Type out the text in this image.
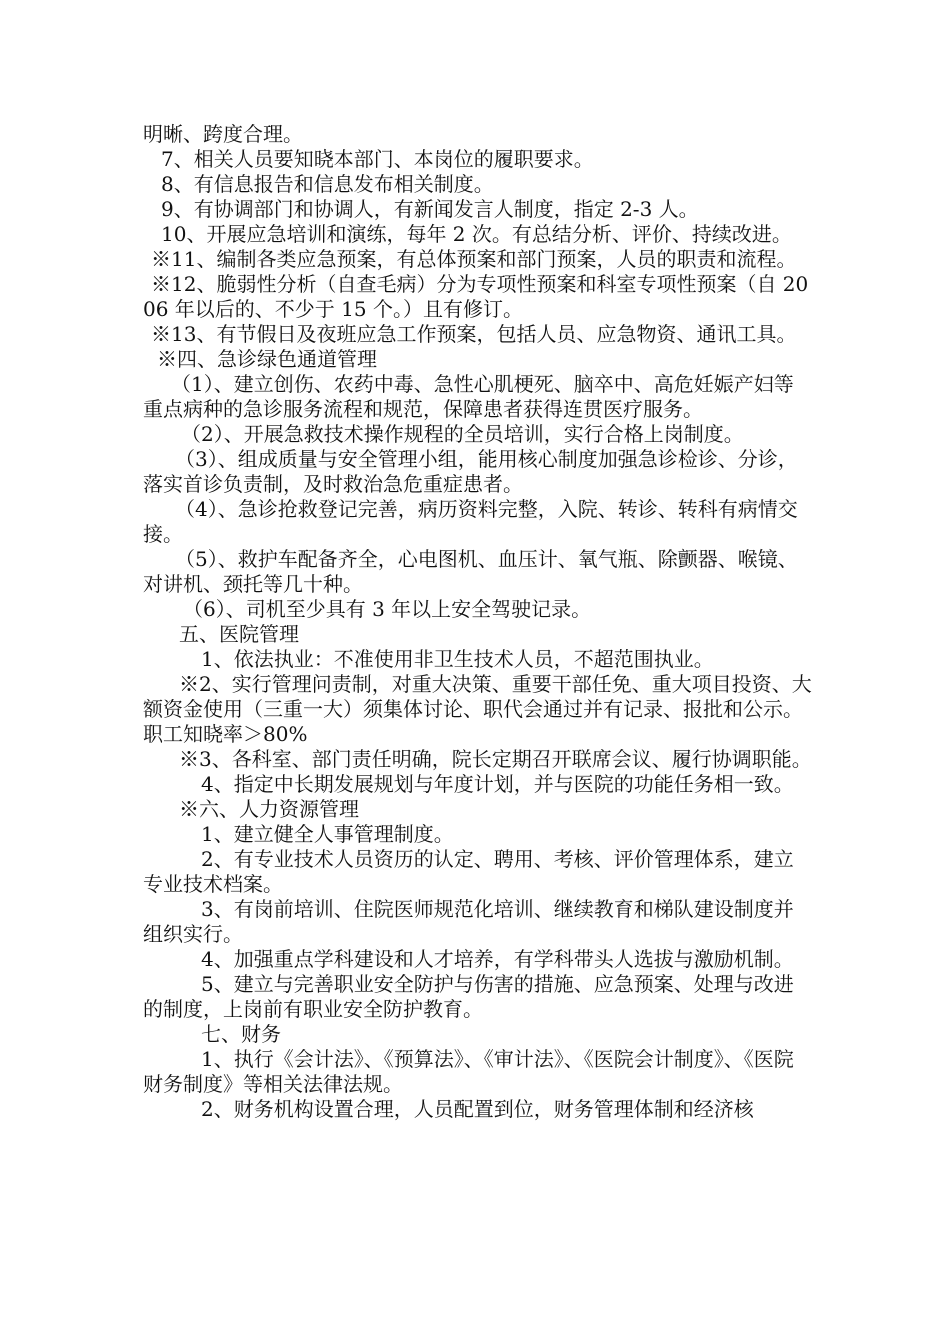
明晰、跨度合理。

7、相关人员要知晓本部门、本岗位的履职要求。

8、有信息报告和信息发布相关制度。

9、有协调部门和协调人，有新闻发言人制度，指定 2-3 人。

10、开展应急培训和演练，每年 2 次。有总结分析、评价、持续改进。

※11、编制各类应急预案，有总体预案和部门预案，人员的职责和流程。

※12、脆弱性分析（自查毛病）分为专项性预案和科室专项性预案（自 2006 年以后的、不少于 15 个。）且有修订。

※13、有节假日及夜班应急工作预案，包括人员、应急物资、通讯工具。

※四、急诊绿色通道管理

（1）、建立创伤、农药中毒、急性心肌梗死、脑卒中、高危妊娠产妇等重点病种的急诊服务流程和规范，保障患者获得连贯医疗服务。

（2）、开展急救技术操作规程的全员培训，实行合格上岗制度。

（3）、组成质量与安全管理小组，能用核心制度加强急诊检诊、分诊，落实首诊负责制，及时救治急危重症患者。

（4）、急诊抢救登记完善，病历资料完整，入院、转诊、转科有病情交接。

（5）、救护车配备齐全，心电图机、血压计、氧气瓶、除颤器、喉镜、对讲机、颈托等几十种。

（6）、司机至少具有 3 年以上安全驾驶记录。

五、医院管理

1、依法执业：不准使用非卫生技术人员，不超范围执业。

※2、实行管理问责制，对重大决策、重要干部任免、重大项目投资、大额资金使用（三重一大）须集体讨论、职代会通过并有记录、报批和公示。职工知晓率＞80%

※3、各科室、部门责任明确，院长定期召开联席会议、履行协调职能。

4、指定中长期发展规划与年度计划，并与医院的功能任务相一致。

※六、人力资源管理

1、建立健全人事管理制度。

2、有专业技术人员资历的认定、聘用、考核、评价管理体系，建立专业技术档案。

3、有岗前培训、住院医师规范化培训、继续教育和梯队建设制度并组织实行。

4、加强重点学科建设和人才培养，有学科带头人选拔与激励机制。

5、建立与完善职业安全防护与伤害的措施、应急预案、处理与改进的制度，上岗前有职业安全防护教育。

七、财务

1、执行《会计法》、《预算法》、《审计法》、《医院会计制度》、《医院财务制度》等相关法律法规。

2、财务机构设置合理，人员配置到位，财务管理体制和经济核
